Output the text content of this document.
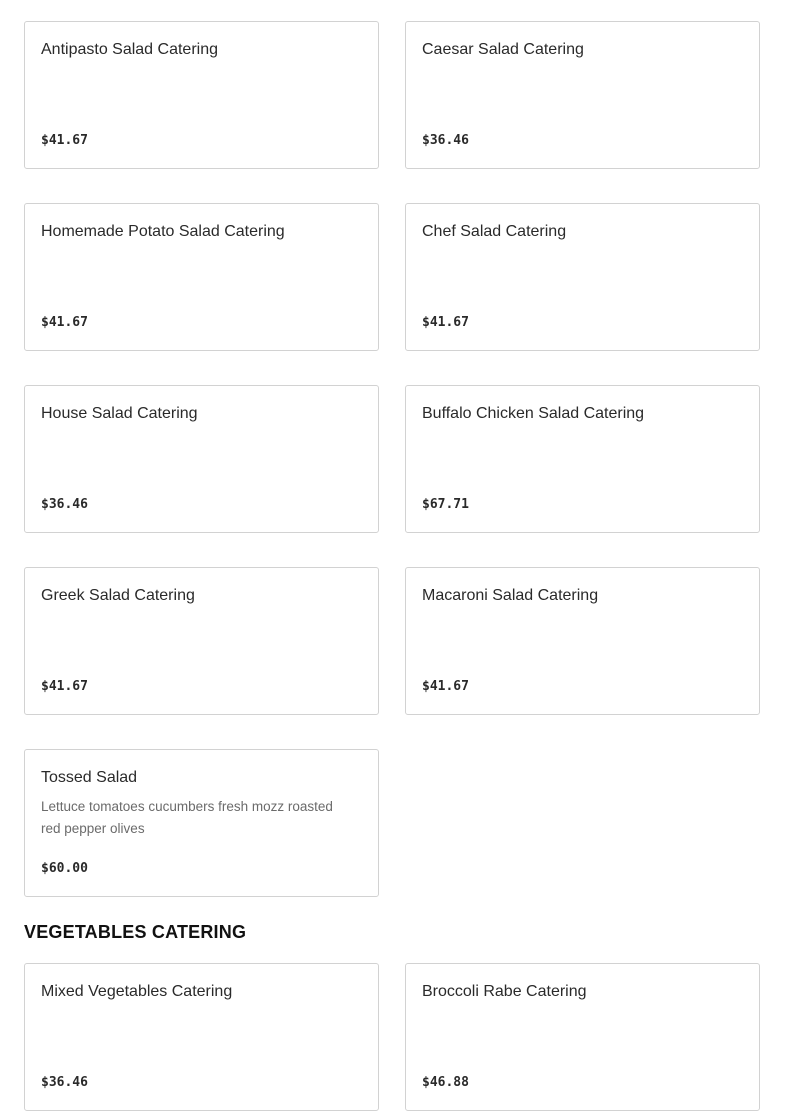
Antipasto Salad Catering
$41.67
Caesar Salad Catering
$36.46
Homemade Potato Salad Catering
$41.67
Chef Salad Catering
$41.67
House Salad Catering
$36.46
Buffalo Chicken Salad Catering
$67.71
Greek Salad Catering
$41.67
Macaroni Salad Catering
$41.67
Tossed Salad
Lettuce tomatoes cucumbers fresh mozz roasted red pepper olives
$60.00
VEGETABLES CATERING
Mixed Vegetables Catering
$36.46
Broccoli Rabe Catering
$46.88
